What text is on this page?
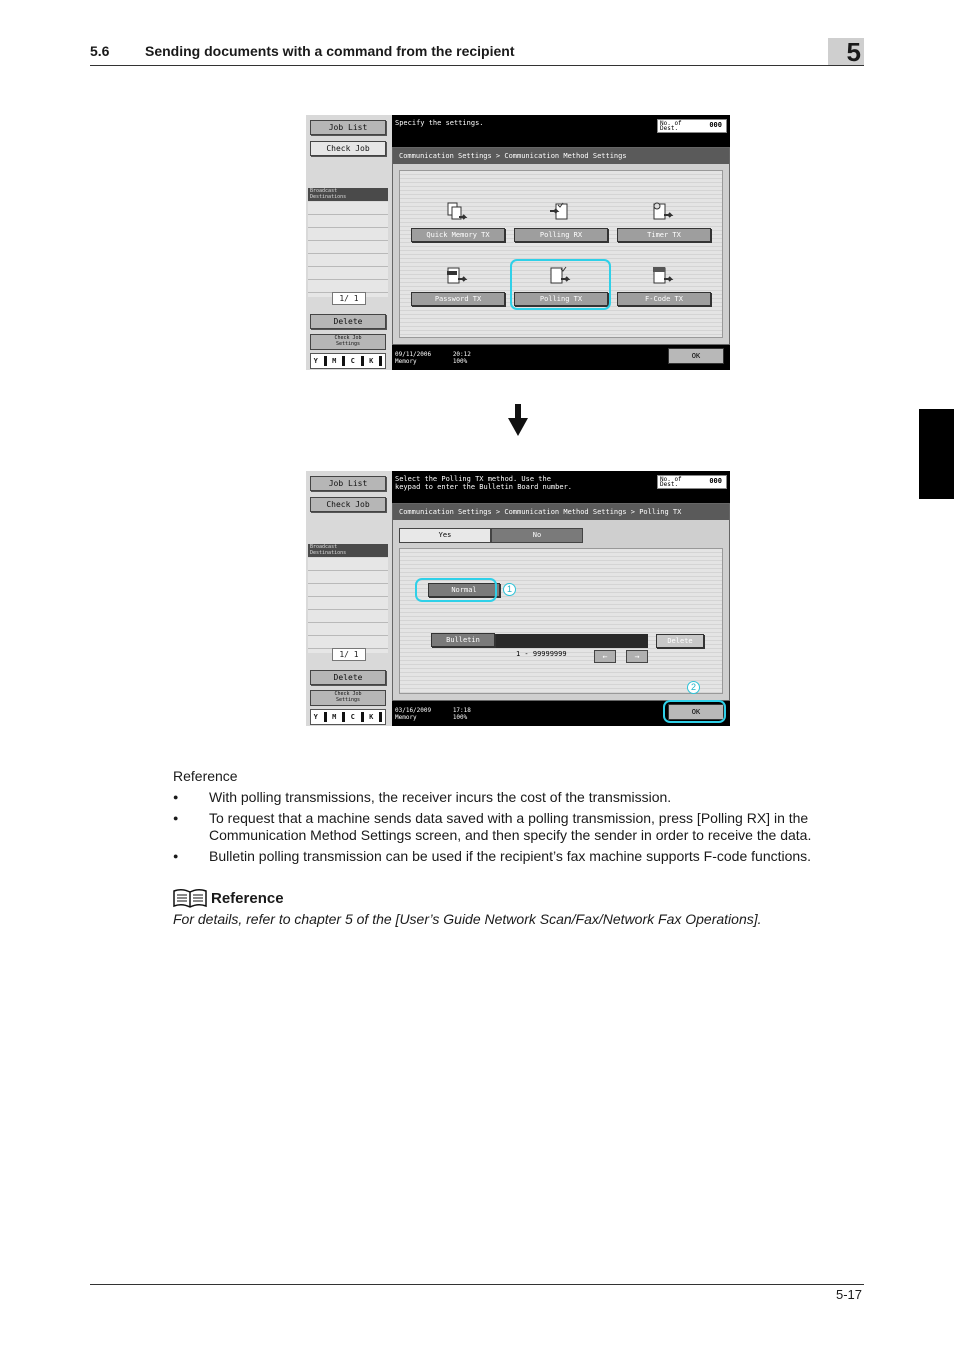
5.6	Sending documents with a command from the recipient	5
Job List
Check Job
Broadcast
Destinations
1/ 1
Delete
Check Job
Settings
Y M C K
Specify the settings.	No. of
Dest.	000
Communication Settings > Communication Method Settings
Quick Memory TX	Polling RX	Timer TX
Password TX	Polling TX	F-Code TX
09/11/2006	20:12
Memory	100%
OK
Job List
Check Job
Broadcast
Destinations
1/ 1
Delete
Check Job
Settings
Y M C K
Select the Polling TX method. Use the
keypad to enter the Bulletin Board number.
No. of
Dest.	000
Communication Settings > Communication Method Settings > Polling TX
Yes	No
Normal
Bulletin	Delete
1 - 99999999	←	→
03/16/2009	17:18
Memory	100%
OK
1
2
Reference
● With polling transmissions, the receiver incurs the cost of the transmission.
● To request that a machine sends data saved with a polling transmission, press [Polling RX] in the Communication Method Settings screen, and then specify the sender in order to receive the data.
● Bulletin polling transmission can be used if the recipient’s fax machine supports F-code functions.
Reference
For details, refer to chapter 5 of the [User’s Guide Network Scan/Fax/Network Fax Operations].
5-17
